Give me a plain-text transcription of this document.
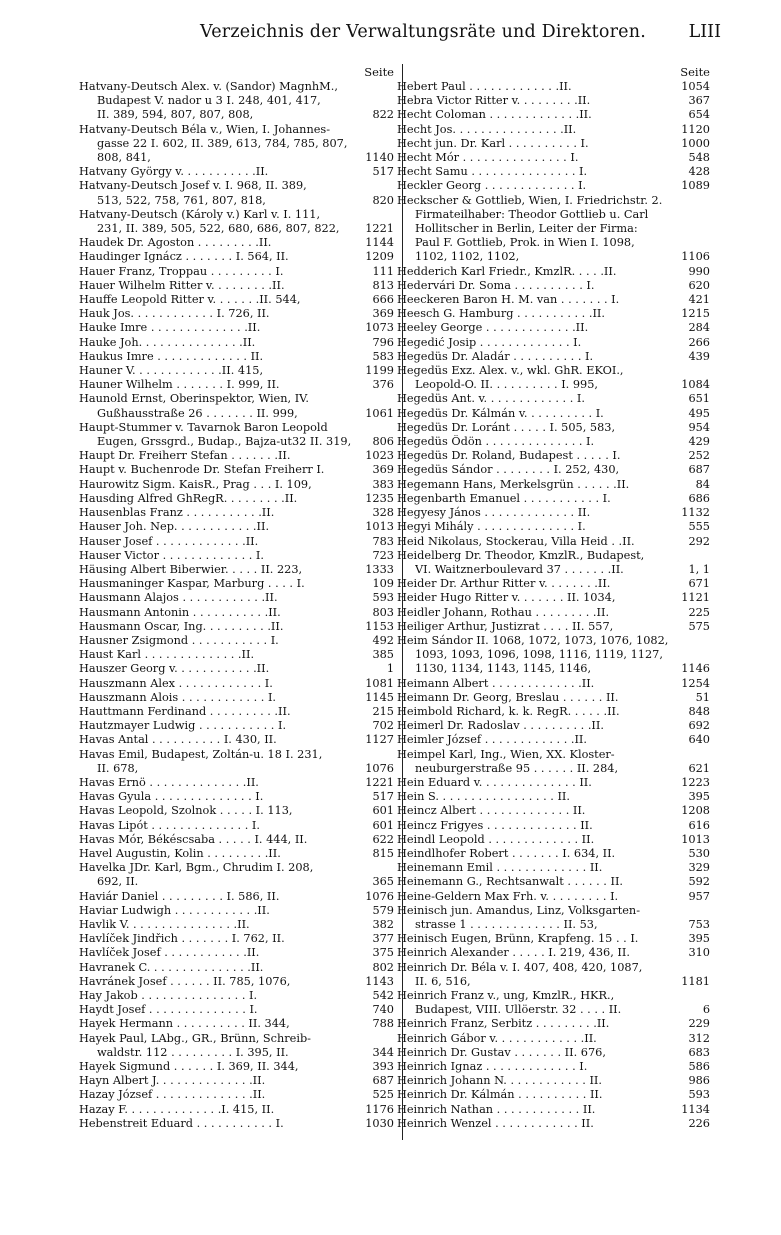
Verzeichnis der Verwaltungsräte und Direktoren. LIII
Seite
Hatvany-Deutsch Alex. v. (Sandor) MagnhM.,
Budapest V. nador u 3 I. 248, 401, 417,
II. 389, 594, 807, 807, 808,	822
Hatvany-Deutsch Béla v., Wien, I. Johannes-
gasse 22 I. 602, II. 389, 613, 784, 785, 807,
808, 841,	1140
Hatvany György v. . . . . . . . . . .II.	517
Hatvany-Deutsch Josef v. I. 968, II. 389,
513, 522, 758, 761, 807, 818,	820
Hatvany-Deutsch (Károly v.) Karl v. I. 111,
231, II. 389, 505, 522, 680, 686, 807, 822,	1221
Haudek Dr. Agoston . . . . . . . . .II.	1144
Haudinger Ignácz . . . . . . . I. 564, II.	1209
Hauer Franz, Troppau . . . . . . . . . I.	111
Hauer Wilhelm Ritter v. . . . . . . . .II.	813
Hauffe Leopold Ritter v. . . . . . .II. 544,	666
Hauk Jos. . . . . . . . . . . . I. 726, II.	369
Hauke Imre . . . . . . . . . . . . . .II.	1073
Hauke Joh. . . . . . . . . . . . . . .II.	796
Haukus Imre . . . . . . . . . . . . . II.	583
Hauner V. . . . . . . . . . . . .II. 415,	1199
Hauner Wilhelm . . . . . . . I. 999, II.	376
Haunold Ernst, Oberinspektor, Wien, IV.
Gußhausstraße 26 . . . . . . . II. 999,	1061
Haupt-Stummer v. Tavarnok Baron Leopold
Eugen, Grssgrd., Budap., Bajza-ut32 II. 319,	806
Haupt Dr. Freiherr Stefan . . . . . . .II.	1023
Haupt v. Buchenrode Dr. Stefan Freiherr I.	369
Haurowitz Sigm. KaisR., Prag . . . I. 109,	383
Hausding Alfred GhRegR. . . . . . . . .II.	1235
Hausenblas Franz . . . . . . . . . . .II.	328
Hauser Joh. Nep. . . . . . . . . . . .II.	1013
Hauser Josef . . . . . . . . . . . . .II.	783
Hauser Victor . . . . . . . . . . . . . I.	723
Häusing Albert Biberwier. . . . . II. 223,	1333
Hausmaninger Kaspar, Marburg . . . . I.	109
Hausmann Alajos . . . . . . . . . . . .II.	593
Hausmann Antonin . . . . . . . . . . .II.	803
Hausmann Oscar, Ing. . . . . . . . . .II.	1153
Hausner Zsigmond . . . . . . . . . . . I.	492
Haust Karl . . . . . . . . . . . . . .II.	385
Hauszer Georg v. . . . . . . . . . . .II.	1
Hauszmann Alex . . . . . . . . . . . . I.	1081
Hauszmann Alois . . . . . . . . . . . . I.	1145
Hauttmann Ferdinand . . . . . . . . . .II.	215
Hautzmayer Ludwig . . . . . . . . . . . I.	702
Havas Antal . . . . . . . . . . I. 430, II.	1127
Havas Emil, Budapest, Zoltán-u. 18 I. 231,
II. 678,	1076
Havas Ernö . . . . . . . . . . . . . .II.	1221
Havas Gyula . . . . . . . . . . . . . . I.	517
Havas Leopold, Szolnok . . . . . I. 113,	601
Havas Lipót . . . . . . . . . . . . . . I.	601
Havas Mór, Békéscsaba . . . . . I. 444, II.	622
Havel Augustin, Kolin . . . . . . . . .II.	815
Havelka JDr. Karl, Bgm., Chrudim I. 208,
692, II.	365
Haviár Daniel . . . . . . . . . I. 586, II.	1076
Haviar Ludwigh . . . . . . . . . . . .II.	579
Havlik V. . . . . . . . . . . . . . . .II.	382
Havlíček Jindřich . . . . . . . I. 762, II.	377
Havlíček Josef . . . . . . . . . . . .II.	375
Havranek C. . . . . . . . . . . . . . .II.	802
Havránek Josef . . . . . . II. 785, 1076,	1143
Hay Jakob . . . . . . . . . . . . . . . I.	542
Haydt Josef . . . . . . . . . . . . . . I.	740
Hayek Hermann . . . . . . . . . . II. 344,	788
Hayek Paul, LAbg., GR., Brünn, Schreib-
waldstr. 112 . . . . . . . . . I. 395, II.	344
Hayek Sigmund . . . . . . I. 369, II. 344,	393
Hayn Albert J. . . . . . . . . . . . . .II.	687
Hazay József . . . . . . . . . . . . . .II.	525
Hazay F. . . . . . . . . . . . . .I. 415, II.	1176
Hebenstreit Eduard . . . . . . . . . . . I.	1030
Seite
Hebert Paul . . . . . . . . . . . . .II.	1054
Hebra Victor Ritter v. . . . . . . . .II.	367
Hecht Coloman . . . . . . . . . . . . .II.	654
Hecht Jos. . . . . . . . . . . . . . . .II.	1120
Hecht jun. Dr. Karl . . . . . . . . . . I.	1000
Hecht Mór . . . . . . . . . . . . . . . I.	548
Hecht Samu . . . . . . . . . . . . . . . I.	428
Heckler Georg . . . . . . . . . . . . . I.	1089
Heckscher & Gottlieb, Wien, I. Friedrichstr. 2.
Firmateilhaber: Theodor Gottlieb u. Carl
Hollitscher in Berlin, Leiter der Firma:
Paul F. Gottlieb, Prok. in Wien I. 1098,
1102, 1102, 1102,	1106
Hedderich Karl Friedr., KmzlR. . . . .II.	990
Hedervári Dr. Soma . . . . . . . . . . I.	620
Heeckeren Baron H. M. van . . . . . . . I.	421
Heesch G. Hamburg . . . . . . . . . . .II.	1215
Heeley George . . . . . . . . . . . . .II.	284
Hegedić Josip . . . . . . . . . . . . . I.	266
Hegedüs Dr. Aladár . . . . . . . . . . I.	439
Hegedüs Exz. Alex. v., wkl. GhR. EKOI.,
Leopold-O. II. . . . . . . . . . I. 995,	1084
Hegedüs Ant. v. . . . . . . . . . . . . I.	651
Hegedüs Dr. Kálmán v. . . . . . . . . . I.	495
Hegedüs Dr. Loránt . . . . . I. 505, 583,	954
Hegedüs Ödön . . . . . . . . . . . . . . I.	429
Hegedüs Dr. Roland, Budapest . . . . . I.	252
Hegedüs Sándor . . . . . . . . I. 252, 430,	687
Hegemann Hans, Merkelsgrün . . . . . .II.	84
Hegenbarth Emanuel . . . . . . . . . . . I.	686
Hegyesy János . . . . . . . . . . . . . II.	1132
Hegyi Mihály . . . . . . . . . . . . . . I.	555
Heid Nikolaus, Stockerau, Villa Heid . .II.	292
Heidelberg Dr. Theodor, KmzlR., Budapest,
VI. Waitznerboulevard 37 . . . . . . .II.	1, 1
Heider Dr. Arthur Ritter v. . . . . . . .II.	671
Heider Hugo Ritter v. . . . . . . II. 1034,	1121
Heidler Johann, Rothau . . . . . . . . .II.	225
Heiliger Arthur, Justizrat . . . . II. 557,	575
Heim Sándor II. 1068, 1072, 1073, 1076, 1082,
1093, 1093, 1096, 1098, 1116, 1119, 1127,
1130, 1134, 1143, 1145, 1146,	1146
Heimann Albert . . . . . . . . . . . . .II.	1254
Heimann Dr. Georg, Breslau . . . . . . II.	51
Heimbold Richard, k. k. RegR. . . . . .II.	848
Heimerl Dr. Radoslav . . . . . . . . . .II.	692
Heimler József . . . . . . . . . . . . .II.	640
Heimpel Karl, Ing., Wien, XX. Kloster-
neuburgerstraße 95 . . . . . . II. 284,	621
Hein Eduard v. . . . . . . . . . . . . . II.	1223
Hein S. . . . . . . . . . . . . . . . . II.	395
Heincz Albert . . . . . . . . . . . . . II.	1208
Heincz Frigyes . . . . . . . . . . . . . II.	616
Heindl Leopold . . . . . . . . . . . . . II.	1013
Heindlhofer Robert . . . . . . . I. 634, II.	530
Heinemann Emil . . . . . . . . . . . . . II.	329
Heinemann G., Rechtsanwalt . . . . . . II.	592
Heine-Geldern Max Frh. v. . . . . . . . . I.	957
Heinisch jun. Amandus, Linz, Volksgarten-
strasse 1 . . . . . . . . . . . . . II. 53,	753
Heinisch Eugen, Brünn, Krapfeng. 15 . . I.	395
Heinrich Alexander . . . . . I. 219, 436, II.	310
Heinrich Dr. Béla v. I. 407, 408, 420, 1087,
II. 6, 516,	1181
Heinrich Franz v., ung, KmzlR., HKR.,
Budapest, VIII. Ullöerstr. 32 . . . . II.	6
Heinrich Franz, Serbitz . . . . . . . . .II.	229
Heinrich Gábor v. . . . . . . . . . . . .II.	312
Heinrich Dr. Gustav . . . . . . . II. 676,	683
Heinrich Ignaz . . . . . . . . . . . . . I.	586
Heinrich Johann N. . . . . . . . . . . . II.	986
Heinrich Dr. Kálmán . . . . . . . . . . II.	593
Heinrich Nathan . . . . . . . . . . . . II.	1134
Heinrich Wenzel . . . . . . . . . . . . II.	226
